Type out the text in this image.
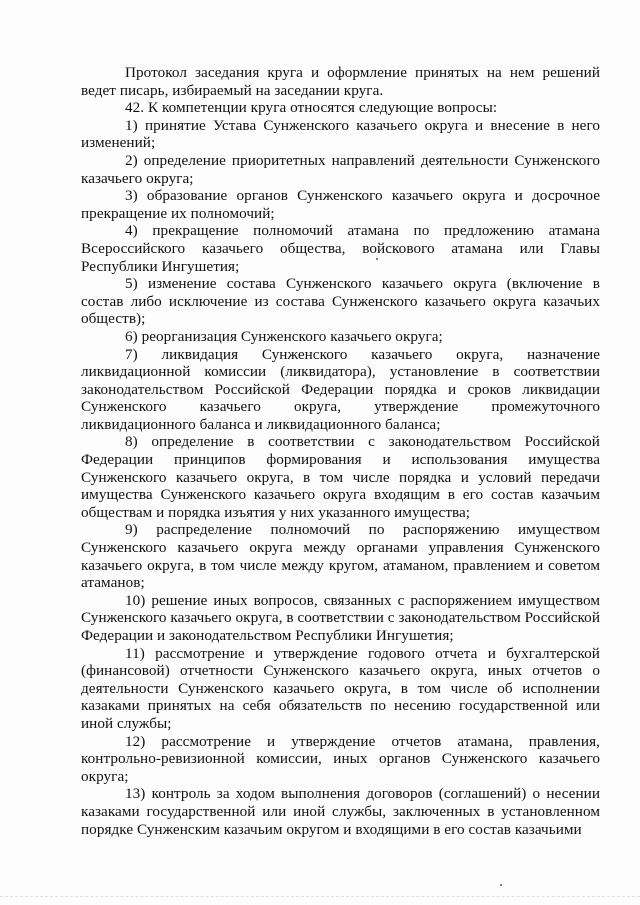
Протокол заседания круга и оформление принятых на нем решений ведет писарь, избираемый на заседании круга.

42. К компетенции круга относятся следующие вопросы:

1) принятие Устава Сунженского казачьего округа и внесение в него изменений;

2) определение приоритетных направлений деятельности Сунженского казачьего округа;

3) образование органов Сунженского казачьего округа и досрочное прекращение их полномочий;

4) прекращение полномочий атамана по предложению атамана Всероссийского казачьего общества, войскового атамана или Главы Республики Ингушетия;

5) изменение состава Сунженского казачьего округа (включение в состав либо исключение из состава Сунженского казачьего округа казачьих обществ);

6) реорганизация Сунженского казачьего округа;

7) ликвидация Сунженского казачьего округа, назначение ликвидационной комиссии (ликвидатора), установление в соответствии законодательством Российской Федерации порядка и сроков ликвидации Сунженского казачьего округа, утверждение промежуточного ликвидационного баланса и ликвидационного баланса;

8) определение в соответствии с законодательством Российской Федерации принципов формирования и использования имущества Сунженского казачьего округа, в том числе порядка и условий передачи имущества Сунженского казачьего округа входящим в его состав казачьим обществам и порядка изъятия у них указанного имущества;

9) распределение полномочий по распоряжению имуществом Сунженского казачьего округа между органами управления Сунженского казачьего округа, в том числе между кругом, атаманом, правлением и советом атаманов;

10) решение иных вопросов, связанных с распоряжением имуществом Сунженского казачьего округа, в соответствии с законодательством Российской Федерации и законодательством Республики Ингушетия;

11) рассмотрение и утверждение годового отчета и бухгалтерской (финансовой) отчетности Сунженского казачьего округа, иных отчетов о деятельности Сунженского казачьего округа, в том числе об исполнении казаками принятых на себя обязательств по несению государственной или иной службы;

12) рассмотрение и утверждение отчетов атамана, правления, контрольно-ревизионной комиссии, иных органов Сунженского казачьего округа;

13) контроль за ходом выполнения договоров (соглашений) о несении казаками государственной или иной службы, заключенных в установленном порядке Сунженским казачьим округом и входящими в его состав казачьими
